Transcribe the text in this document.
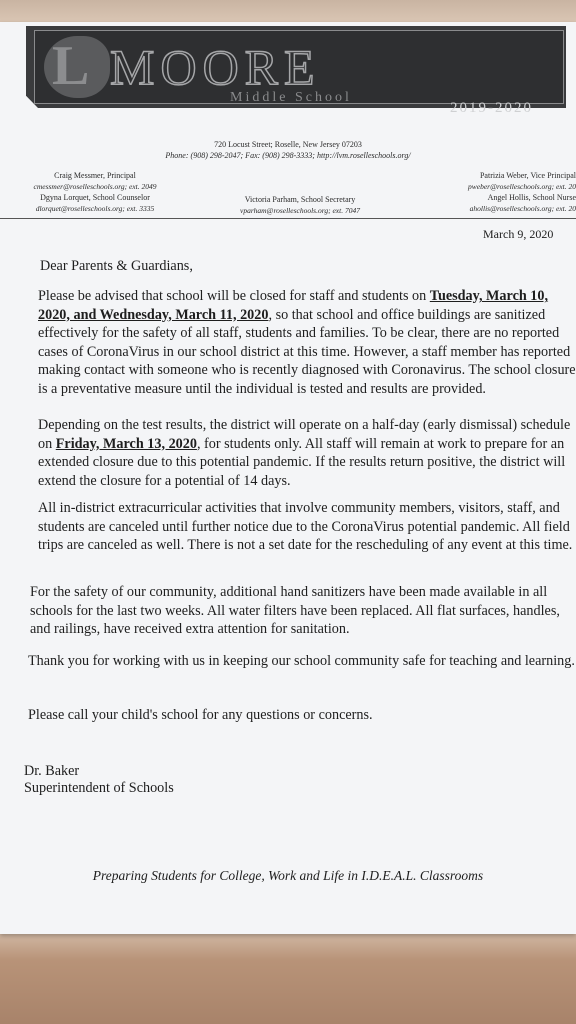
L MOORE
Middle School
2019-2020
720 Locust Street; Roselle, New Jersey 07203
Phone: (908) 298-2047; Fax: (908) 298-3333; http://lvm.roselleschools.org/
Craig Messmer, Principal
cmessmer@roselleschools.org; ext. 2049
Dgyna Lorquet, School Counselor
dlorquet@roselleschools.org; ext. 3335
Victoria Parham, School Secretary
vparham@roselleschools.org; ext. 7047
Patrizia Weber, Vice Principal
pweber@roselleschools.org; ext. 20
Angel Hollis, School Nurse
ahollis@roselleschools.org; ext. 20
March 9, 2020
Dear Parents & Guardians,
Please be advised that school will be closed for staff and students on Tuesday, March 10, 2020, and Wednesday, March 11, 2020, so that school and office buildings are sanitized effectively for the safety of all staff, students and families. To be clear, there are no reported cases of CoronaVirus in our school district at this time. However, a staff member has reported making contact with someone who is recently diagnosed with Coronavirus. The school closure is a preventative measure until the individual is tested and results are provided.
Depending on the test results, the district will operate on a half-day (early dismissal) schedule on Friday, March 13, 2020, for students only. All staff will remain at work to prepare for an extended closure due to this potential pandemic. If the results return positive, the district will extend the closure for a potential of 14 days.
All in-district extracurricular activities that involve community members, visitors, staff, and students are canceled until further notice due to the CoronaVirus potential pandemic. All field trips are canceled as well. There is not a set date for the rescheduling of any event at this time.
For the safety of our community, additional hand sanitizers have been made available in all schools for the last two weeks. All water filters have been replaced. All flat surfaces, handles, and railings, have received extra attention for sanitation.
Thank you for working with us in keeping our school community safe for teaching and learning.
Please call your child's school for any questions or concerns.
Dr. Baker
Superintendent of Schools
Preparing Students for College, Work and Life in I.D.E.A.L. Classrooms
